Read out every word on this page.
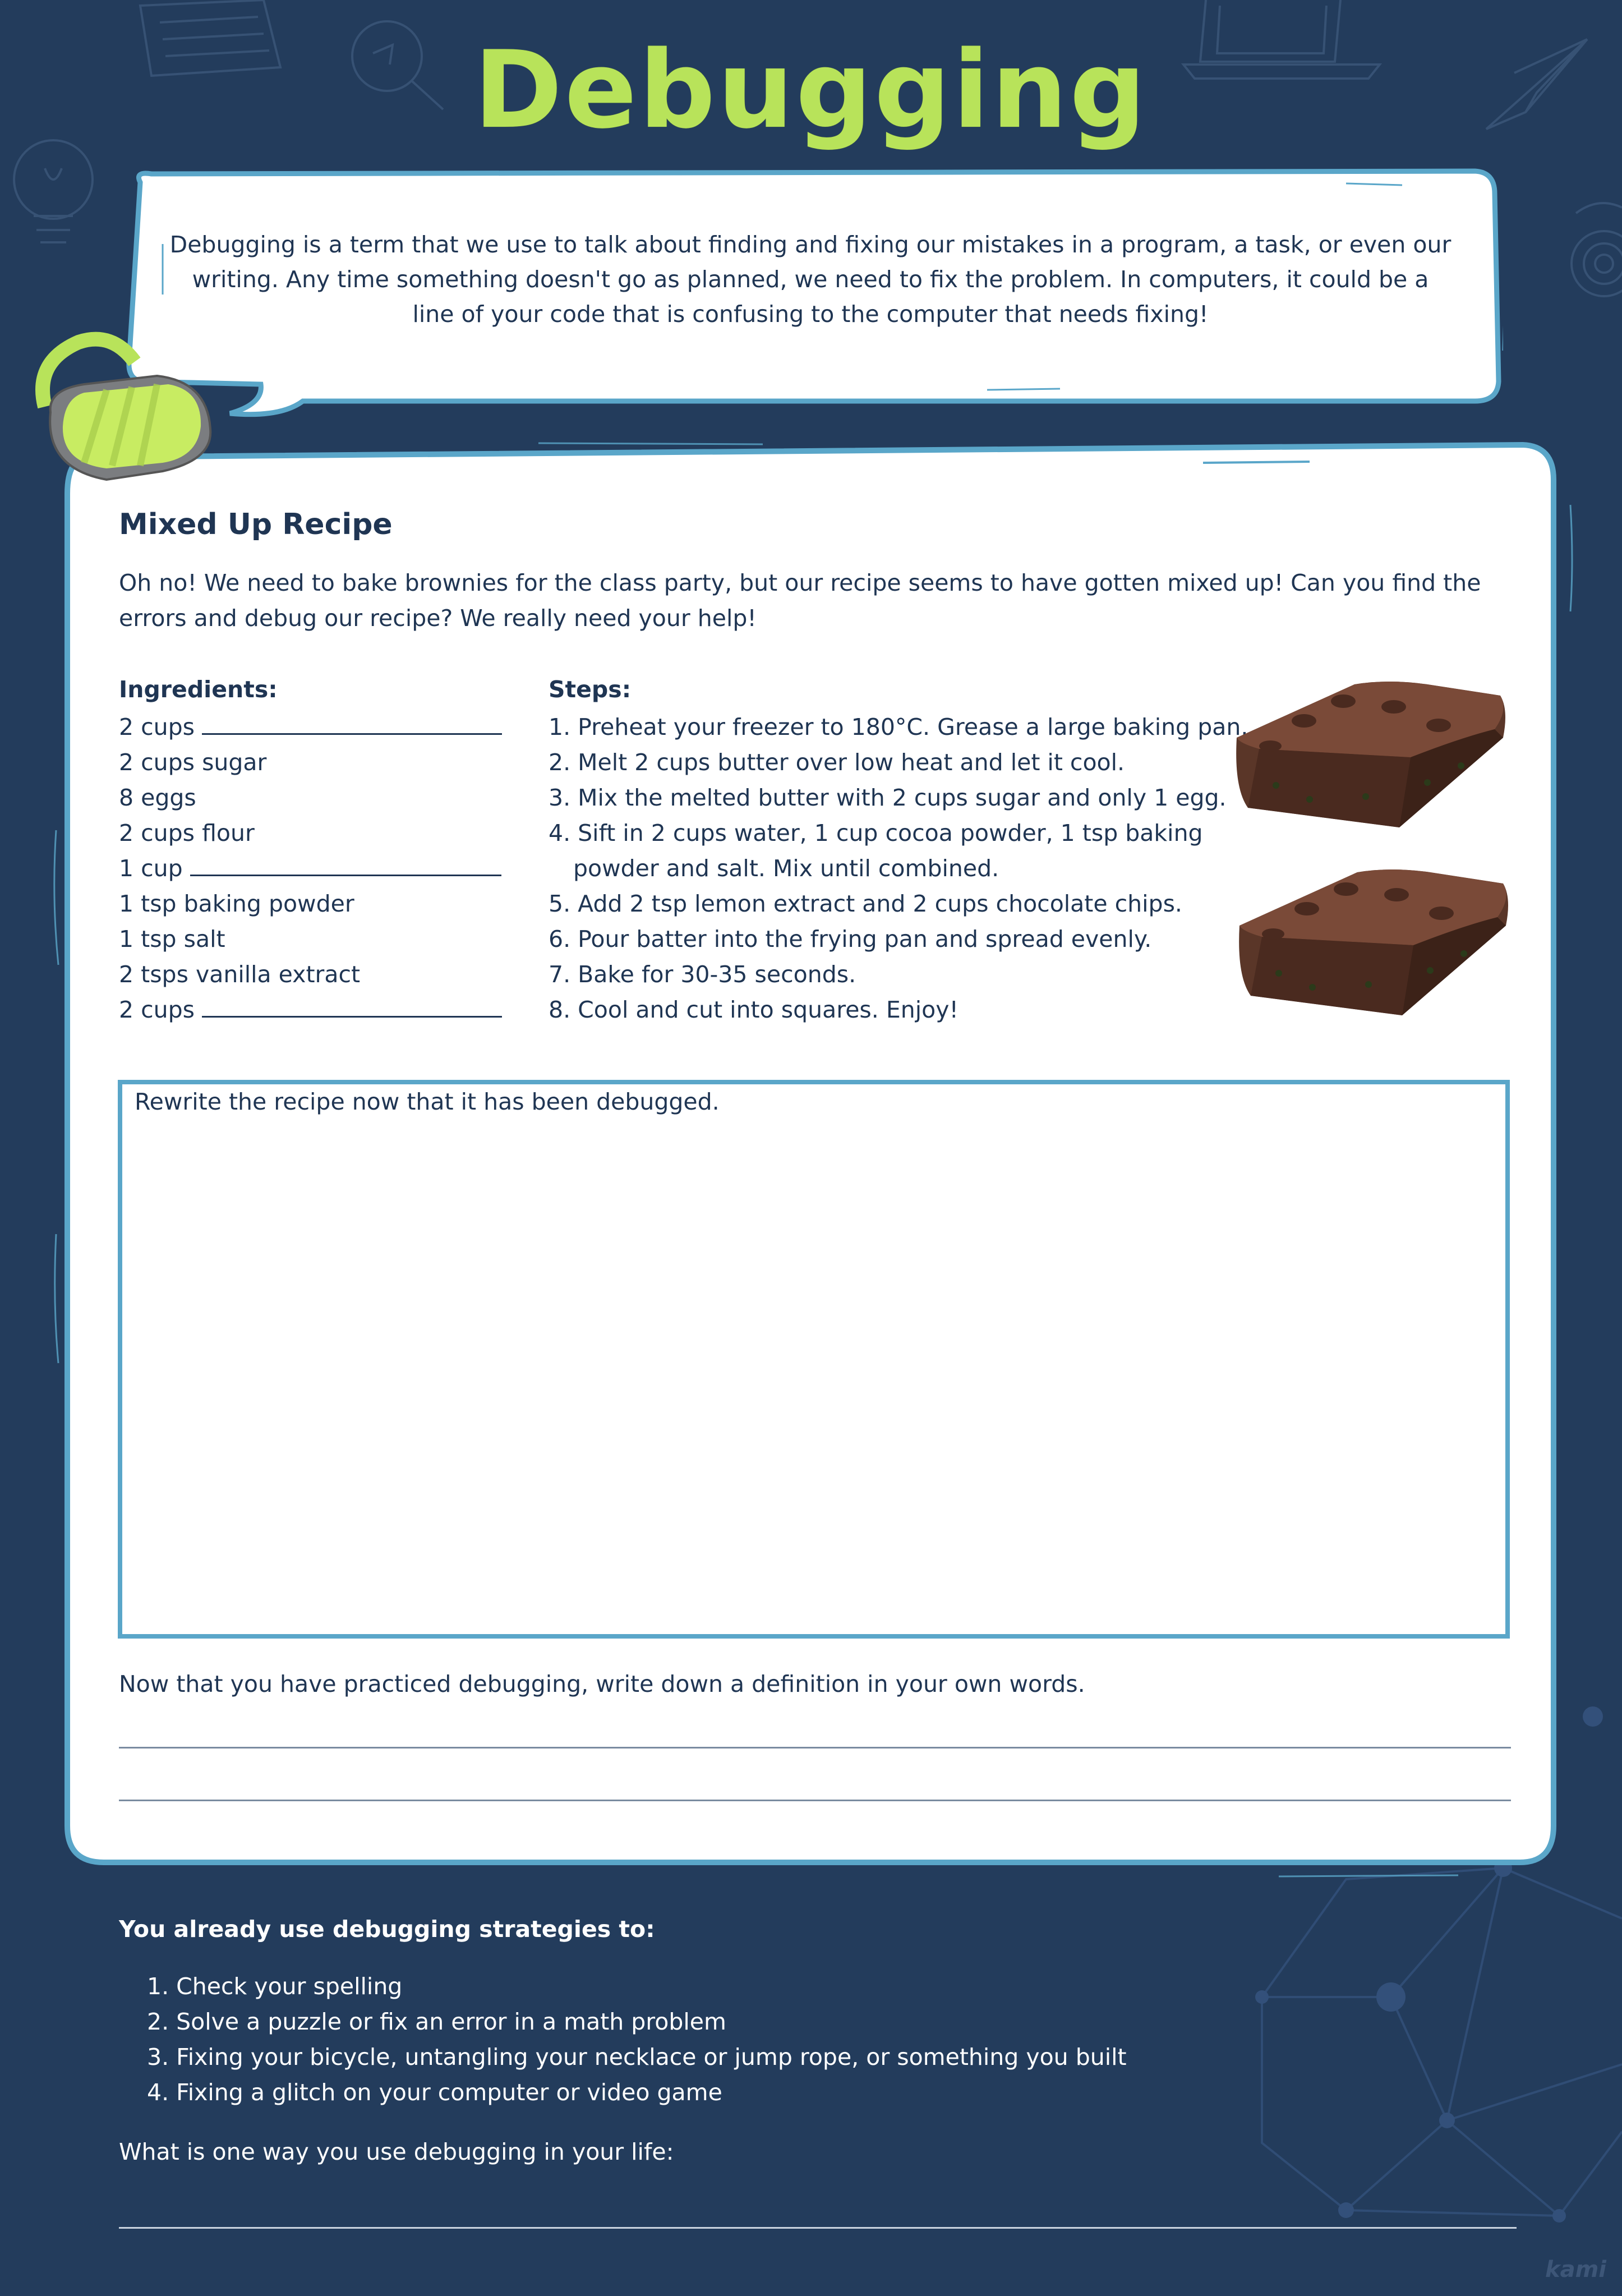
Debugging
Debugging is a term that we use to talk about finding and fixing our mistakes in a program, a task, or even our writing. Any time something doesn't go as planned, we need to fix the problem. In computers, it could be a line of your code that is confusing to the computer that needs fixing!
Mixed Up Recipe
Oh no! We need to bake brownies for the class party, but our recipe seems to have gotten mixed up! Can you find the errors and debug our recipe? We really need your help!
Ingredients:
2 cups
2 cups sugar
8 eggs
2 cups flour
1 cup
1 tsp baking powder
1 tsp salt
2 tsps vanilla extract
2 cups
Steps:
1. Preheat your freezer to 180°C. Grease a large baking pan.
2. Melt 2 cups butter over low heat and let it cool.
3. Mix the melted butter with 2 cups sugar and only 1 egg.
4. Sift in 2 cups water, 1 cup cocoa powder, 1 tsp baking
powder and salt. Mix until combined.
5. Add 2 tsp lemon extract and 2 cups chocolate chips.
6. Pour batter into the frying pan and spread evenly.
7. Bake for 30-35 seconds.
8. Cool and cut into squares. Enjoy!
Rewrite the recipe now that it has been debugged.
Now that you have practiced debugging, write down a definition in your own words.
You already use debugging strategies to:
1. Check your spelling
2. Solve a puzzle or fix an error in a math problem
3. Fixing your bicycle, untangling your necklace or jump rope, or something you built
4. Fixing a glitch on your computer or video game
What is one way you use debugging in your life:
kami
